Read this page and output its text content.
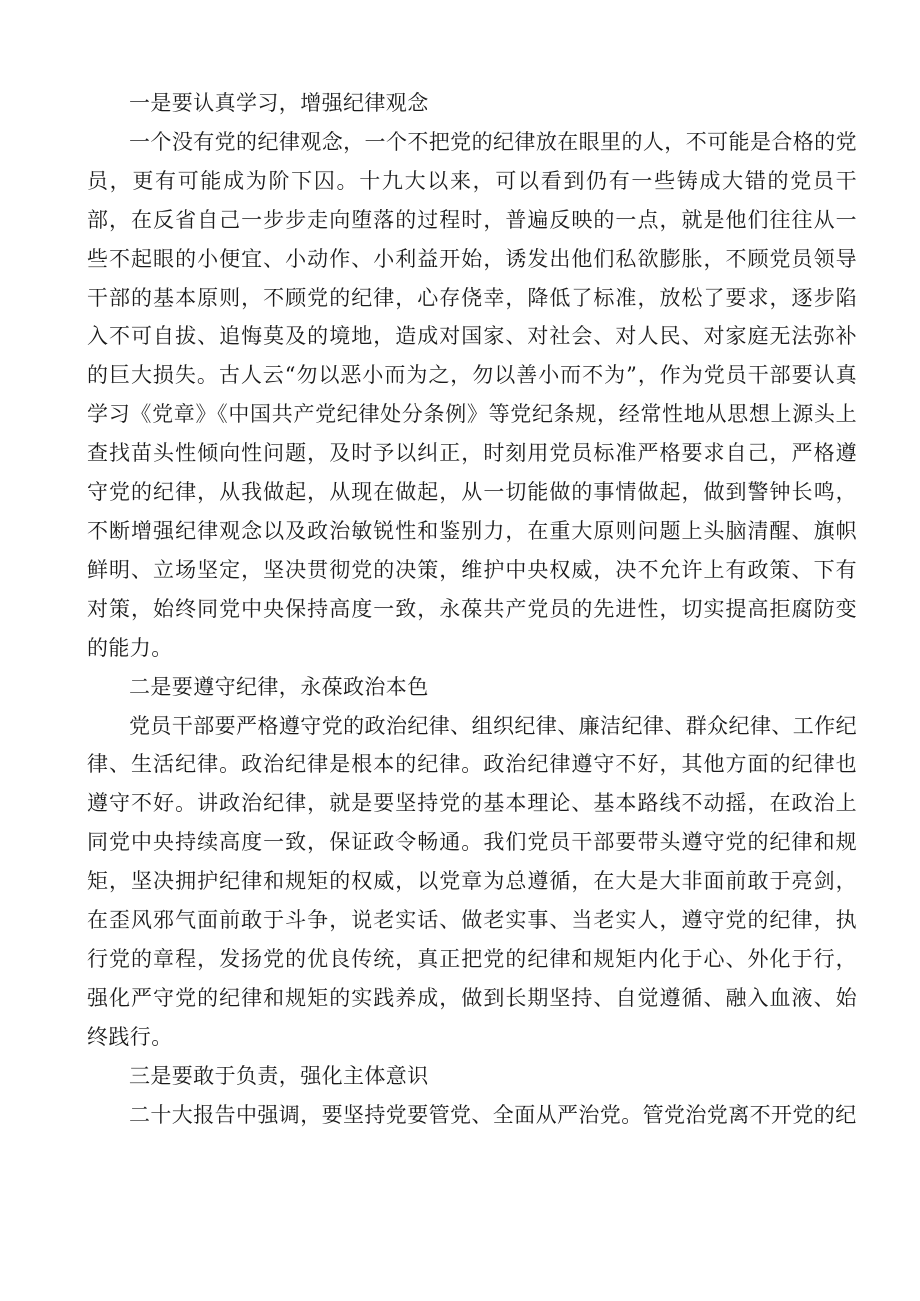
一是要认真学习，增强纪律观念

一个没有党的纪律观念，一个不把党的纪律放在眼里的人，不可能是合格的党员，更有可能成为阶下囚。十九大以来，可以看到仍有一些铸成大错的党员干部，在反省自己一步步走向堕落的过程时，普遍反映的一点，就是他们往往从一些不起眼的小便宜、小动作、小利益开始，诱发出他们私欲膨胀，不顾党员领导干部的基本原则，不顾党的纪律，心存侥幸，降低了标准，放松了要求，逐步陷入不可自拔、追悔莫及的境地，造成对国家、对社会、对人民、对家庭无法弥补的巨大损失。古人云“勿以恶小而为之，勿以善小而不为”，作为党员干部要认真学习《党章》《中国共产党纪律处分条例》等党纪条规，经常性地从思想上源头上查找苗头性倾向性问题，及时予以纠正，时刻用党员标准严格要求自己，严格遵守党的纪律，从我做起，从现在做起，从一切能做的事情做起，做到警钟长鸣，不断增强纪律观念以及政治敏锐性和鉴别力，在重大原则问题上头脑清醒、旗帜鲜明、立场坚定，坚决贯彻党的决策，维护中央权威，决不允许上有政策、下有对策，始终同党中央保持高度一致，永葆共产党员的先进性，切实提高拒腐防变的能力。

二是要遵守纪律，永葆政治本色

党员干部要严格遵守党的政治纪律、组织纪律、廉洁纪律、群众纪律、工作纪律、生活纪律。政治纪律是根本的纪律。政治纪律遵守不好，其他方面的纪律也遵守不好。讲政治纪律，就是要坚持党的基本理论、基本路线不动摇，在政治上同党中央持续高度一致，保证政令畅通。我们党员干部要带头遵守党的纪律和规矩，坚决拥护纪律和规矩的权威，以党章为总遵循，在大是大非面前敢于亮剑，在歪风邪气面前敢于斗争，说老实话、做老实事、当老实人，遵守党的纪律，执行党的章程，发扬党的优良传统，真正把党的纪律和规矩内化于心、外化于行，强化严守党的纪律和规矩的实践养成，做到长期坚持、自觉遵循、融入血液、始终践行。

三是要敢于负责，强化主体意识

二十大报告中强调，要坚持党要管党、全面从严治党。管党治党离不开党的纪
